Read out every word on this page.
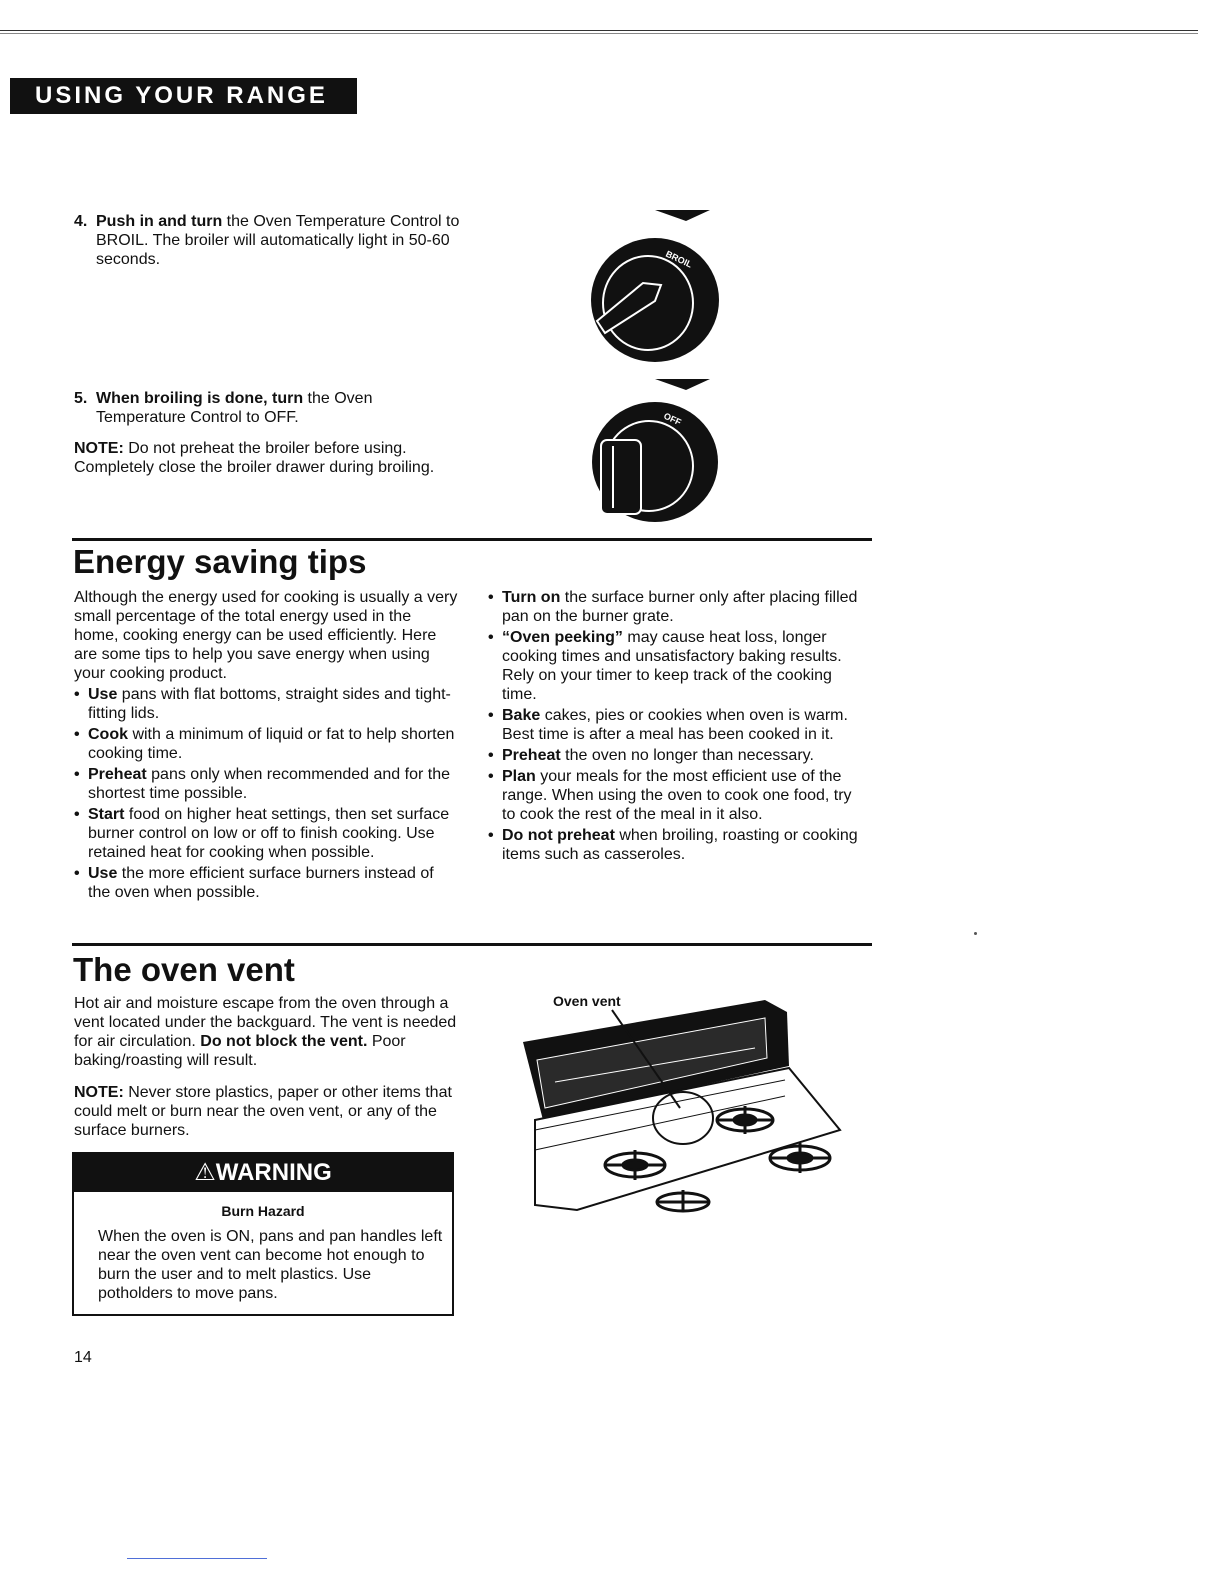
USING YOUR RANGE
4. Push in and turn the Oven Temperature Control to BROIL. The broiler will automatically light in 50-60 seconds.	BROIL
5. When broiling is done, turn the Oven Temperature Control to OFF.
NOTE: Do not preheat the broiler before using. Completely close the broiler drawer during broiling.
OFF
Energy saving tips

Although the energy used for cooking is usually a very small percentage of the total energy used in the home, cooking energy can be used efficiently. Here are some tips to help you save energy when using your cooking product.

• Use pans with flat bottoms, straight sides and tight-fitting lids.
• Cook with a minimum of liquid or fat to help shorten cooking time.
• Preheat pans only when recommended and for the shortest time possible.
• Start food on higher heat settings, then set surface burner control on low or off to finish cooking. Use retained heat for cooking when possible.
• Use the more efficient surface burners instead of the oven when possible.
• Turn on the surface burner only after placing filled pan on the burner grate.
• “Oven peeking” may cause heat loss, longer cooking times and unsatisfactory baking results. Rely on your timer to keep track of the cooking time.
• Bake cakes, pies or cookies when oven is warm. Best time is after a meal has been cooked in it.
• Preheat the oven no longer than necessary.
• Plan your meals for the most efficient use of the range. When using the oven to cook one food, try to cook the rest of the meal in it also.
• Do not preheat when broiling, roasting or cooking items such as casseroles.
The oven vent
Hot air and moisture escape from the oven through a vent located under the backguard. The vent is needed for air circulation. Do not block the vent. Poor baking/roasting will result.
NOTE: Never store plastics, paper or other items that could melt or burn near the oven vent, or any of the surface burners.
⚠WARNING
Burn Hazard
When the oven is ON, pans and pan handles left near the oven vent can become hot enough to burn the user and to melt plastics. Use potholders to move pans.
Oven vent
14
